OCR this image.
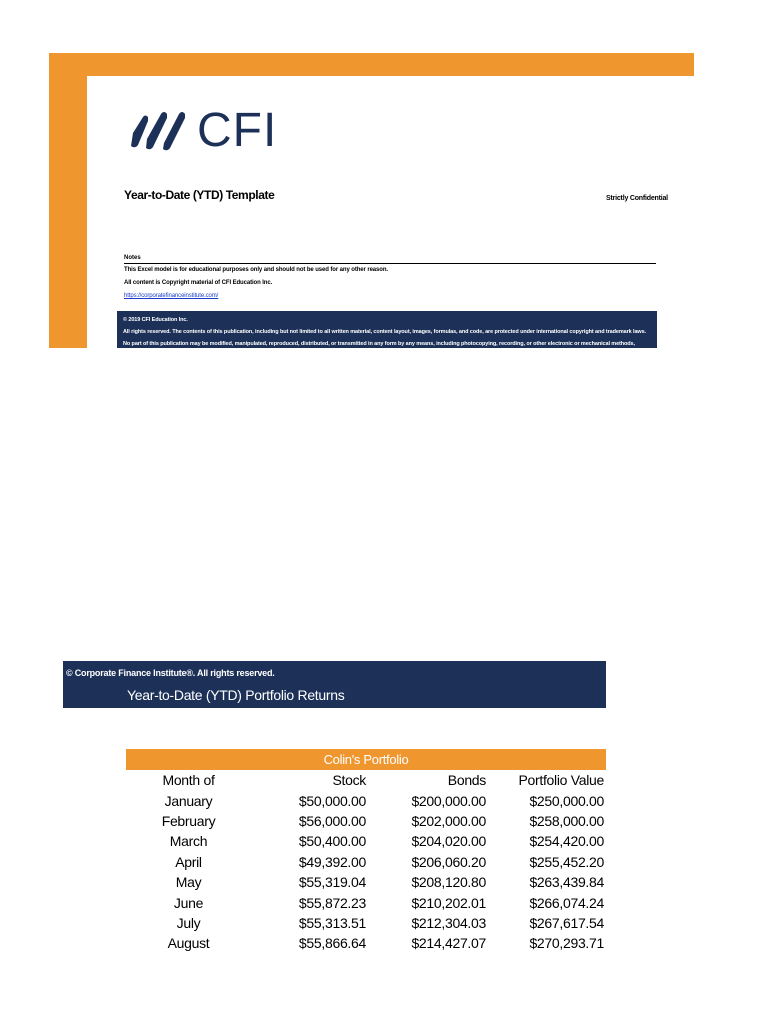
CFI
Year-to-Date (YTD) Template	Strictly Confidential
Notes
This Excel model is for educational purposes only and should not be used for any other reason.
All content is Copyright material of CFI Education Inc.
https://corporatefinanceinstitute.com/
© 2019 CFI Education Inc.
All rights reserved. The contents of this publication, including but not limited to all written material, content layout, images, formulas, and code, are protected under international copyright and trademark laws.
No part of this publication may be modified, manipulated, reproduced, distributed, or transmitted in any form by any means, including photocopying, recording, or other electronic or mechanical methods,
© Corporate Finance Institute®. All rights reserved.
Year-to-Date (YTD) Portfolio Returns
Colin's Portfolio
Month of	Stock	Bonds	Portfolio Value
January	$50,000.00	$200,000.00	$250,000.00
February	$56,000.00	$202,000.00	$258,000.00
March	$50,400.00	$204,020.00	$254,420.00
April	$49,392.00	$206,060.20	$255,452.20
May	$55,319.04	$208,120.80	$263,439.84
June	$55,872.23	$210,202.01	$266,074.24
July	$55,313.51	$212,304.03	$267,617.54
August	$55,866.64	$214,427.07	$270,293.71
